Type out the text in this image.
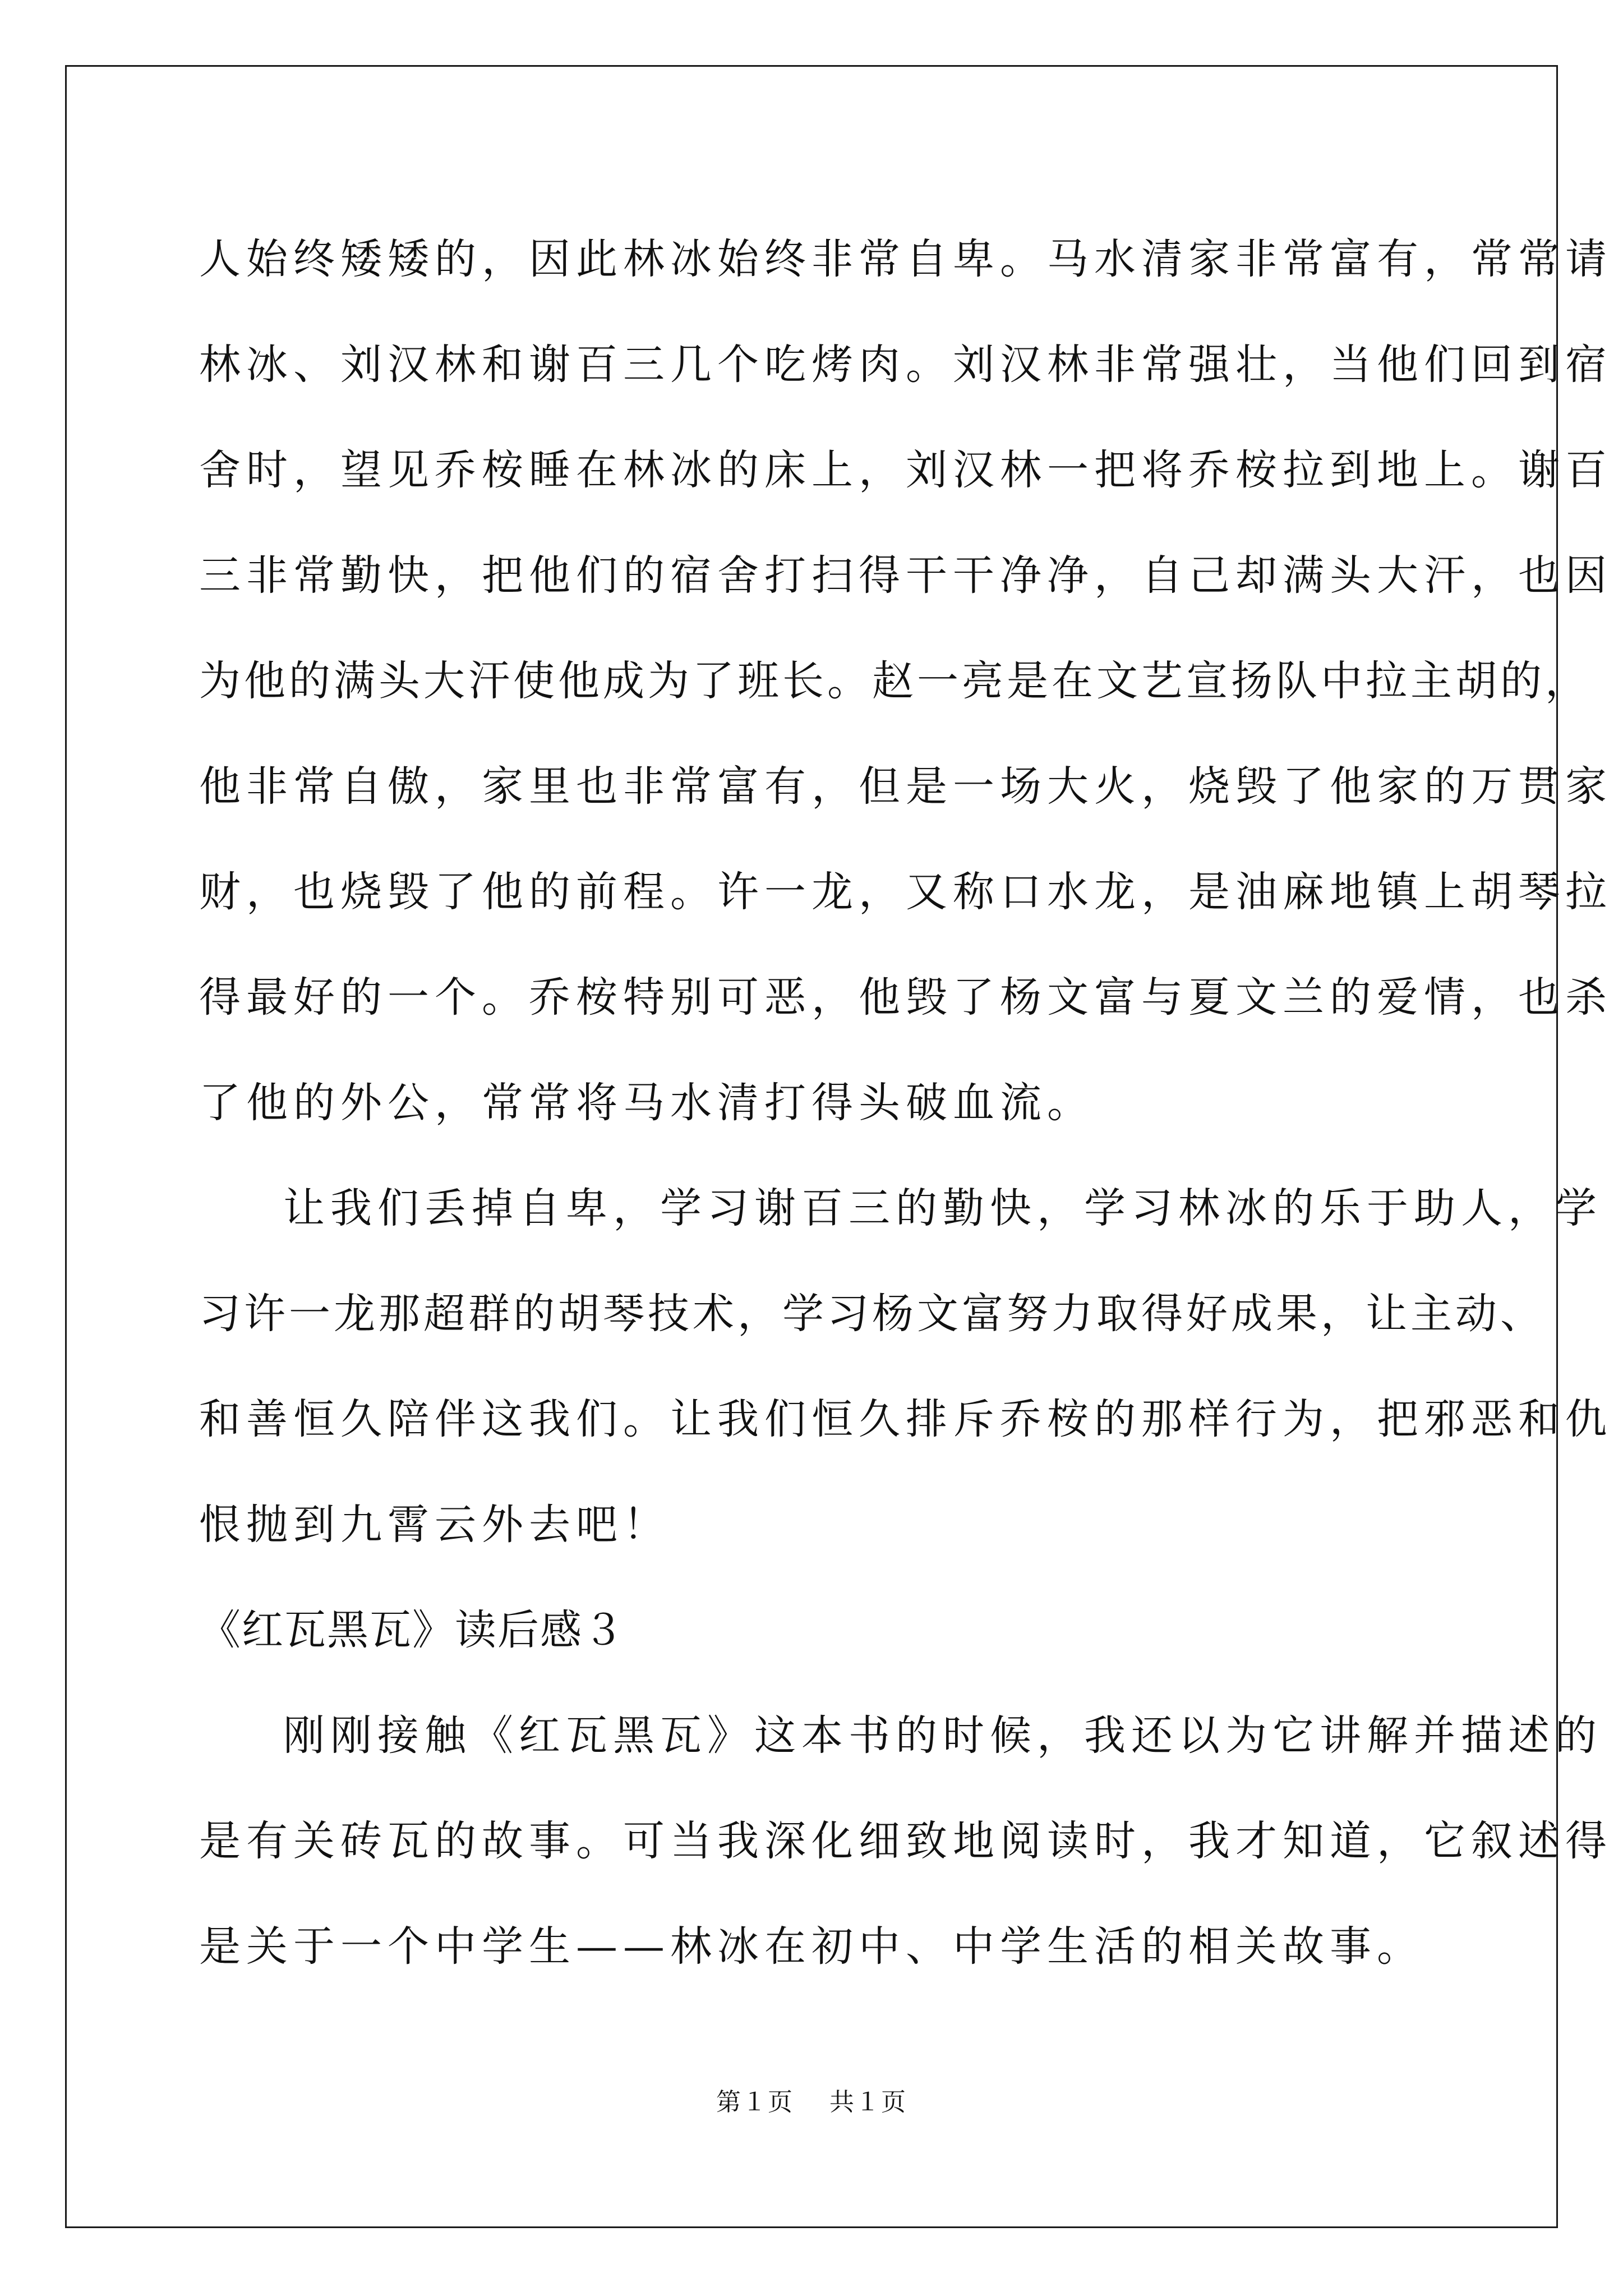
人始终矮矮的，因此林冰始终非常自卑。马水清家非常富有，常常请
林冰、刘汉林和谢百三几个吃烤肉。刘汉林非常强壮，当他们回到宿
舍时，望见乔桉睡在林冰的床上，刘汉林一把将乔桉拉到地上。谢百
三非常勤快，把他们的宿舍打扫得干干净净，自己却满头大汗，也因
为他的满头大汗使他成为了班长。赵一亮是在文艺宣扬队中拉主胡的，
他非常自傲，家里也非常富有，但是一场大火，烧毁了他家的万贯家
财，也烧毁了他的前程。许一龙，又称口水龙，是油麻地镇上胡琴拉
得最好的一个。乔桉特别可恶，他毁了杨文富与夏文兰的爱情，也杀
了他的外公，常常将马水清打得头破血流。
让我们丢掉自卑，学习谢百三的勤快，学习林冰的乐于助人，学
习许一龙那超群的胡琴技术，学习杨文富努力取得好成果，让主动、
和善恒久陪伴这我们。让我们恒久排斥乔桉的那样行为，把邪恶和仇
恨抛到九霄云外去吧！
《红瓦黑瓦》读后感３
刚刚接触《红瓦黑瓦》这本书的时候，我还以为它讲解并描述的
是有关砖瓦的故事。可当我深化细致地阅读时，我才知道，它叙述得
是关于一个中学生——林冰在初中、中学生活的相关故事。
第１页 共１页
